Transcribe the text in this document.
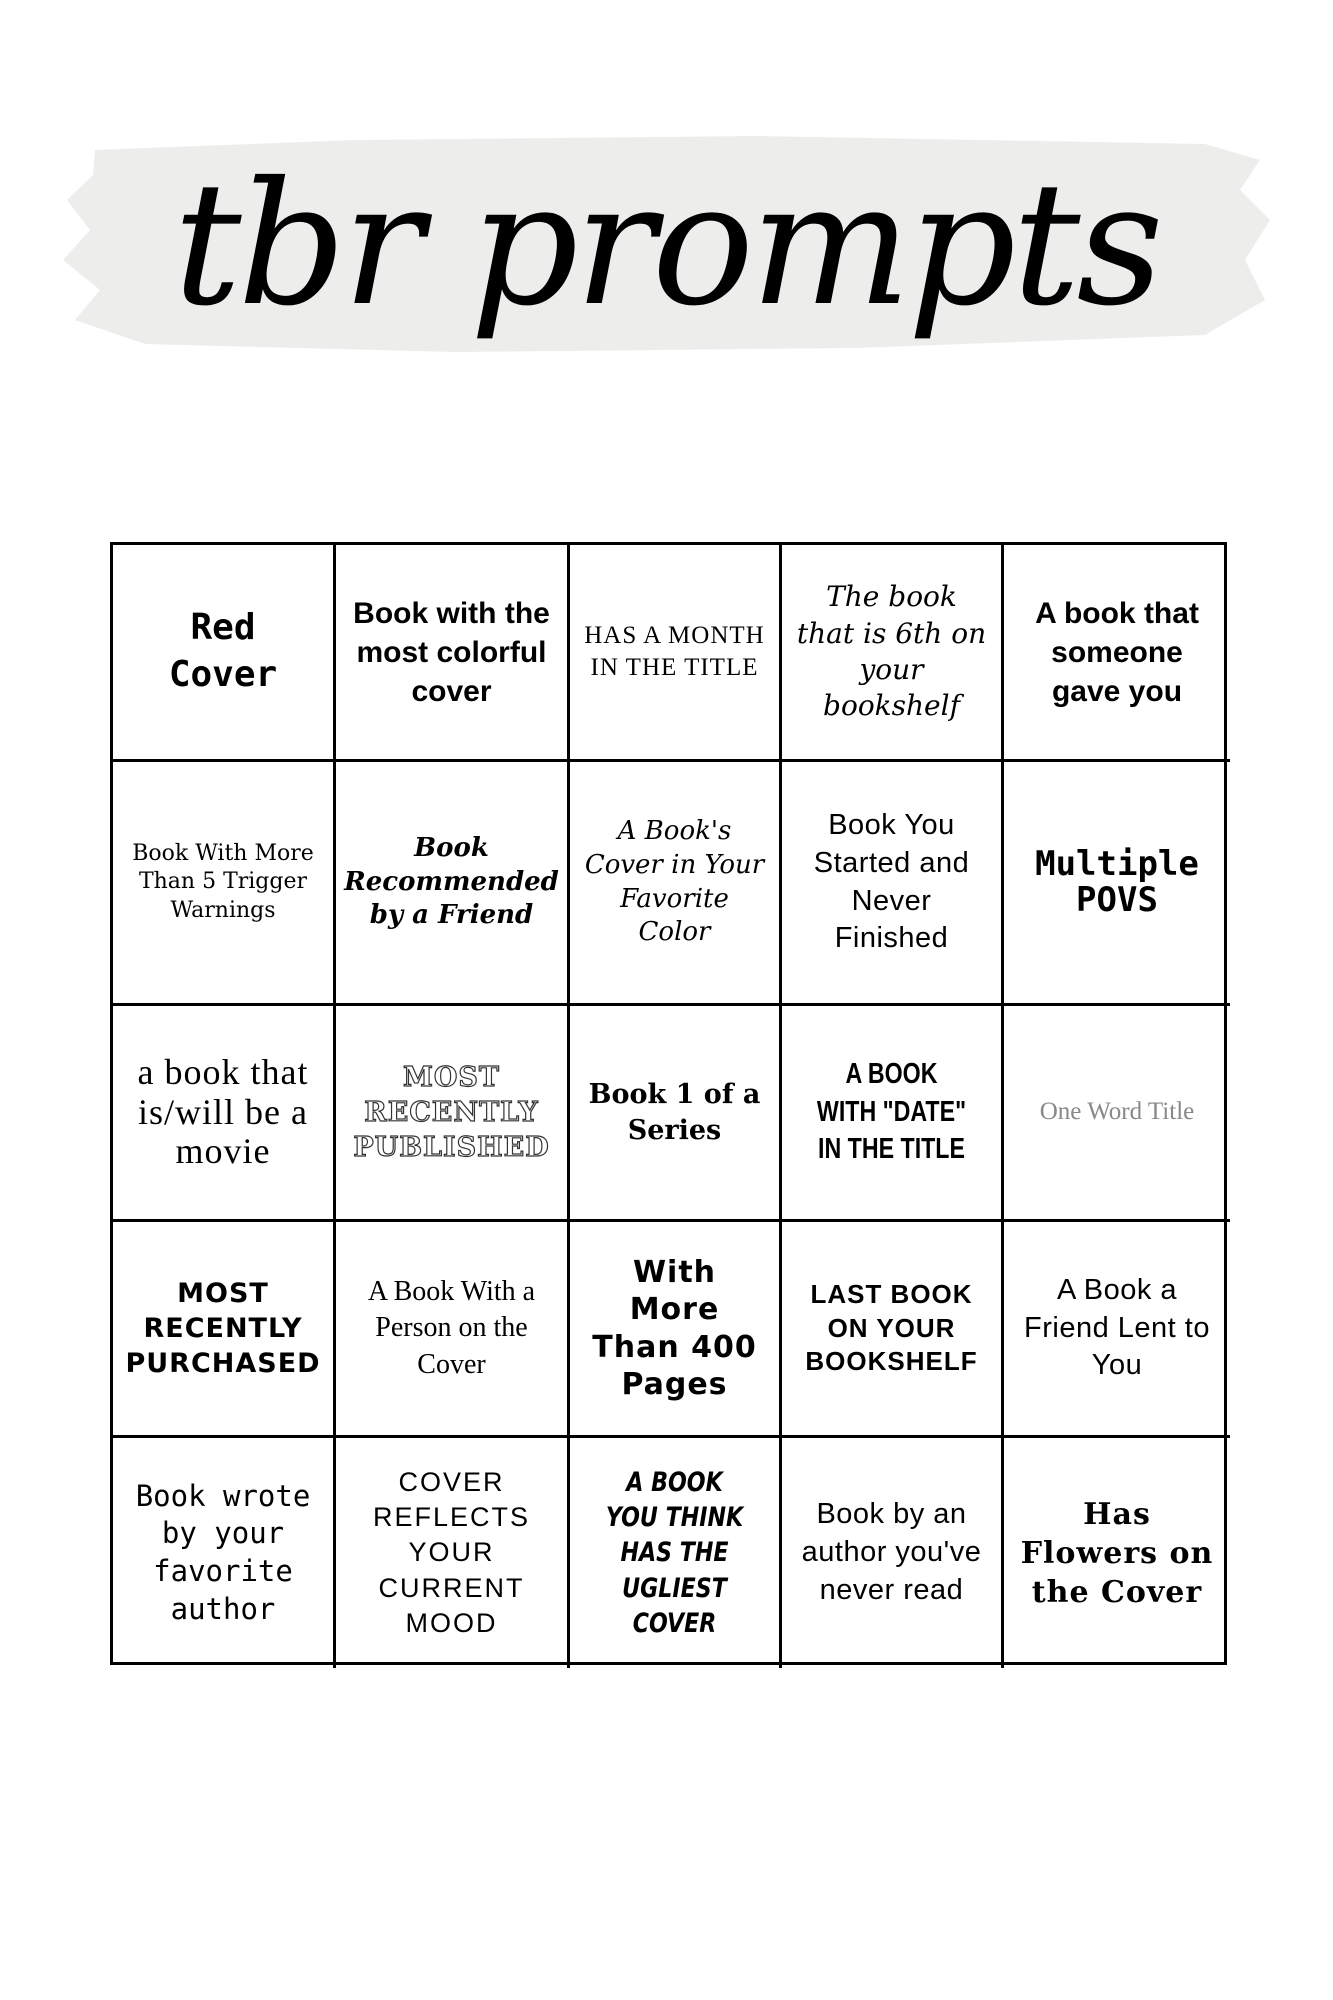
tbr prompts
Red Cover
Book with the most colorful cover
HAS A MONTH IN THE TITLE
The book that is 6th on your bookshelf
A book that someone gave you
Book With More Than 5 Trigger Warnings
Book Recommended by a Friend
A Book's Cover in Your Favorite Color
Book You Started and Never Finished
Multiple POVS
a book that is/will be a movie
MOST RECENTLY PUBLISHED
Book 1 of a Series
A BOOK WITH "DATE" IN THE TITLE
One Word Title
MOST RECENTLY PURCHASED
A Book With a Person on the Cover
With More Than 400 Pages
LAST BOOK ON YOUR BOOKSHELF
A Book a Friend Lent to You
Book wrote by your favorite author
COVER REFLECTS YOUR CURRENT MOOD
A BOOK YOU THINK HAS THE UGLIEST COVER
Book by an author you've never read
Has Flowers on the Cover
